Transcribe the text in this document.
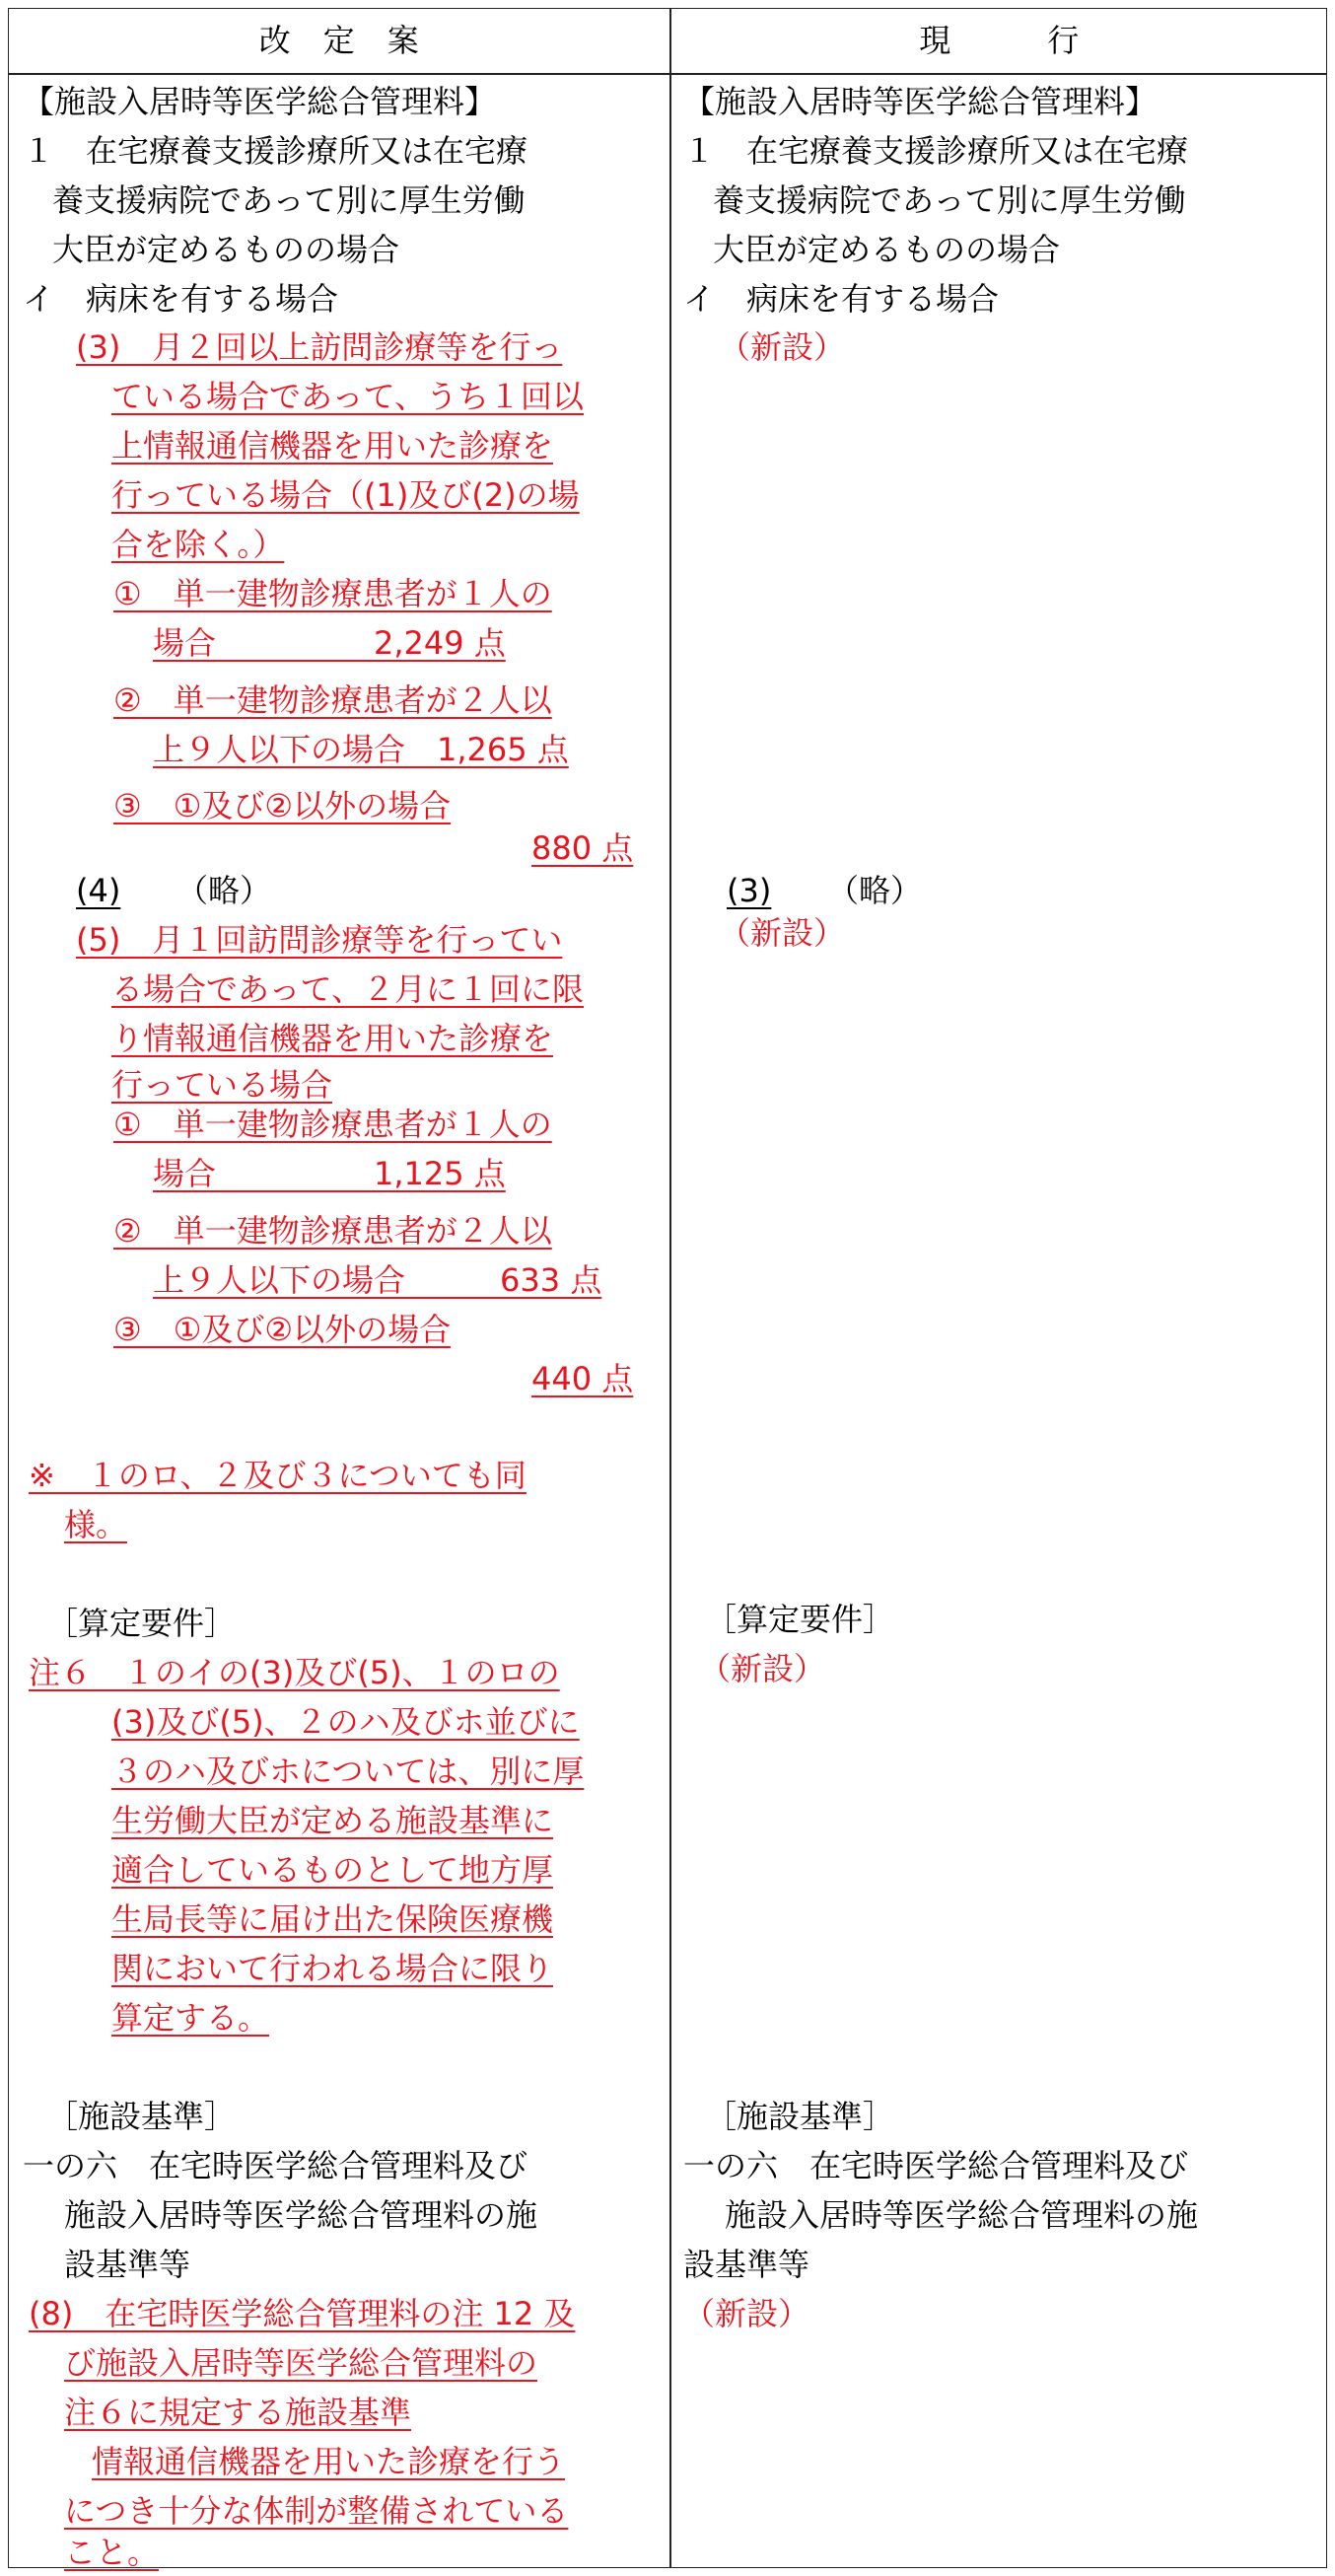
改　定　案	現　　　行
【施設入居時等医学総合管理料】
１　在宅療養支援診療所又は在宅療
養支援病院であって別に厚生労働
大臣が定めるものの場合
イ　病床を有する場合
(3)　月２回以上訪問診療等を行っ
ている場合であって、うち１回以
上情報通信機器を用いた診療を
行っている場合（(1)及び(2)の場
合を除く。）
①　単一建物診療患者が１人の
場合　　　　　2,249 点
②　単一建物診療患者が２人以
上９人以下の場合　1,265 点
③　①及び②以外の場合
880 点
(4) （略）
(5)　月１回訪問診療等を行ってい
る場合であって、２月に１回に限
り情報通信機器を用いた診療を
行っている場合
①　単一建物診療患者が１人の
場合　　　　　1,125 点
②　単一建物診療患者が２人以
上９人以下の場合　　　633 点
③　①及び②以外の場合
440 点
※　１のロ、２及び３についても同
様。
［算定要件］
注６　１のイの(3)及び(5)、１のロの
(3)及び(5)、２のハ及びホ並びに
３のハ及びホについては、別に厚
生労働大臣が定める施設基準に
適合しているものとして地方厚
生局長等に届け出た保険医療機
関において行われる場合に限り
算定する。
［施設基準］
一の六　在宅時医学総合管理料及び
施設入居時等医学総合管理料の施
設基準等
(8)　在宅時医学総合管理料の注 12 及
び施設入居時等医学総合管理料の
注６に規定する施設基準
情報通信機器を用いた診療を行う
につき十分な体制が整備されている
こと。
【施設入居時等医学総合管理料】
１　在宅療養支援診療所又は在宅療
養支援病院であって別に厚生労働
大臣が定めるものの場合
イ　病床を有する場合
（新設）
(3) （略）
（新設）
［算定要件］
（新設）
［施設基準］
一の六　在宅時医学総合管理料及び
施設入居時等医学総合管理料の施
設基準等
（新設）
